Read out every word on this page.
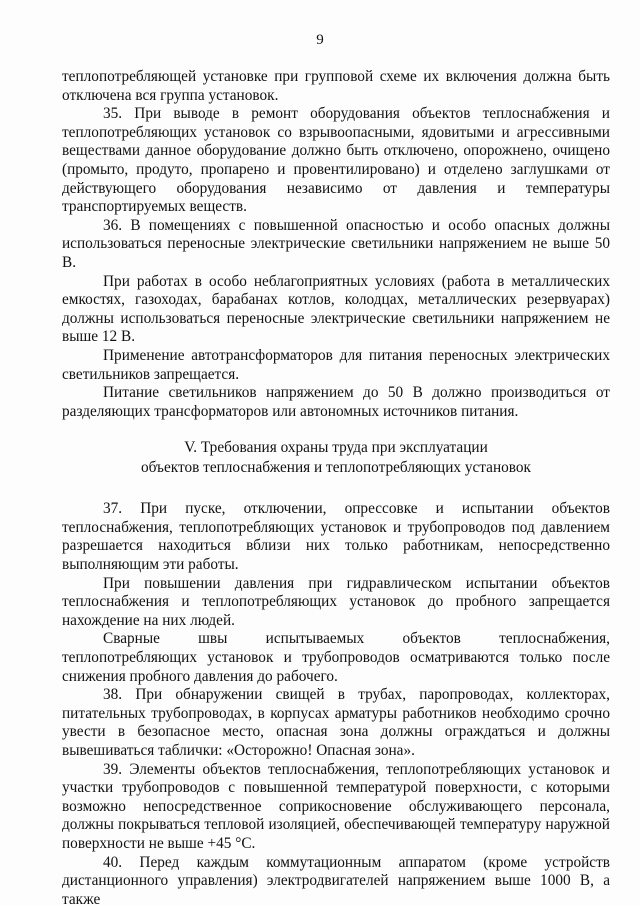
9

теплопотребляющей установке при групповой схеме их включения должна быть отключена вся группа установок.

35. При выводе в ремонт оборудования объектов теплоснабжения и теплопотребляющих установок со взрывоопасными, ядовитыми и агрессивными веществами данное оборудование должно быть отключено, опорожнено, очищено (промыто, продуто, пропарено и провентилировано) и отделено заглушками от действующего оборудования независимо от давления и температуры транспортируемых веществ.

36. В помещениях с повышенной опасностью и особо опасных должны использоваться переносные электрические светильники напряжением не выше 50 В.

При работах в особо неблагоприятных условиях (работа в металлических емкостях, газоходах, барабанах котлов, колодцах, металлических резервуарах) должны использоваться переносные электрические светильники напряжением не выше 12 В.

Применение автотрансформаторов для питания переносных электрических светильников запрещается.

Питание светильников напряжением до 50 В должно производиться от разделяющих трансформаторов или автономных источников питания.

V. Требования охраны труда при эксплуатации
объектов теплоснабжения и теплопотребляющих установок

37. При пуске, отключении, опрессовке и испытании объектов теплоснабжения, теплопотребляющих установок и трубопроводов под давлением разрешается находиться вблизи них только работникам, непосредственно выполняющим эти работы.

При повышении давления при гидравлическом испытании объектов теплоснабжения и теплопотребляющих установок до пробного запрещается нахождение на них людей.

Сварные швы испытываемых объектов теплоснабжения, теплопотребляющих установок и трубопроводов осматриваются только после снижения пробного давления до рабочего.

38. При обнаружении свищей в трубах, паропроводах, коллекторах, питательных трубопроводах, в корпусах арматуры работников необходимо срочно увести в безопасное место, опасная зона должны ограждаться и должны вывешиваться таблички: «Осторожно! Опасная зона».

39. Элементы объектов теплоснабжения, теплопотребляющих установок и участки трубопроводов с повышенной температурой поверхности, с которыми возможно непосредственное соприкосновение обслуживающего персонала, должны покрываться тепловой изоляцией, обеспечивающей температуру наружной поверхности не выше +45 °С.

40. Перед каждым коммутационным аппаратом (кроме устройств дистанционного управления) электродвигателей напряжением выше 1000 В, а также
